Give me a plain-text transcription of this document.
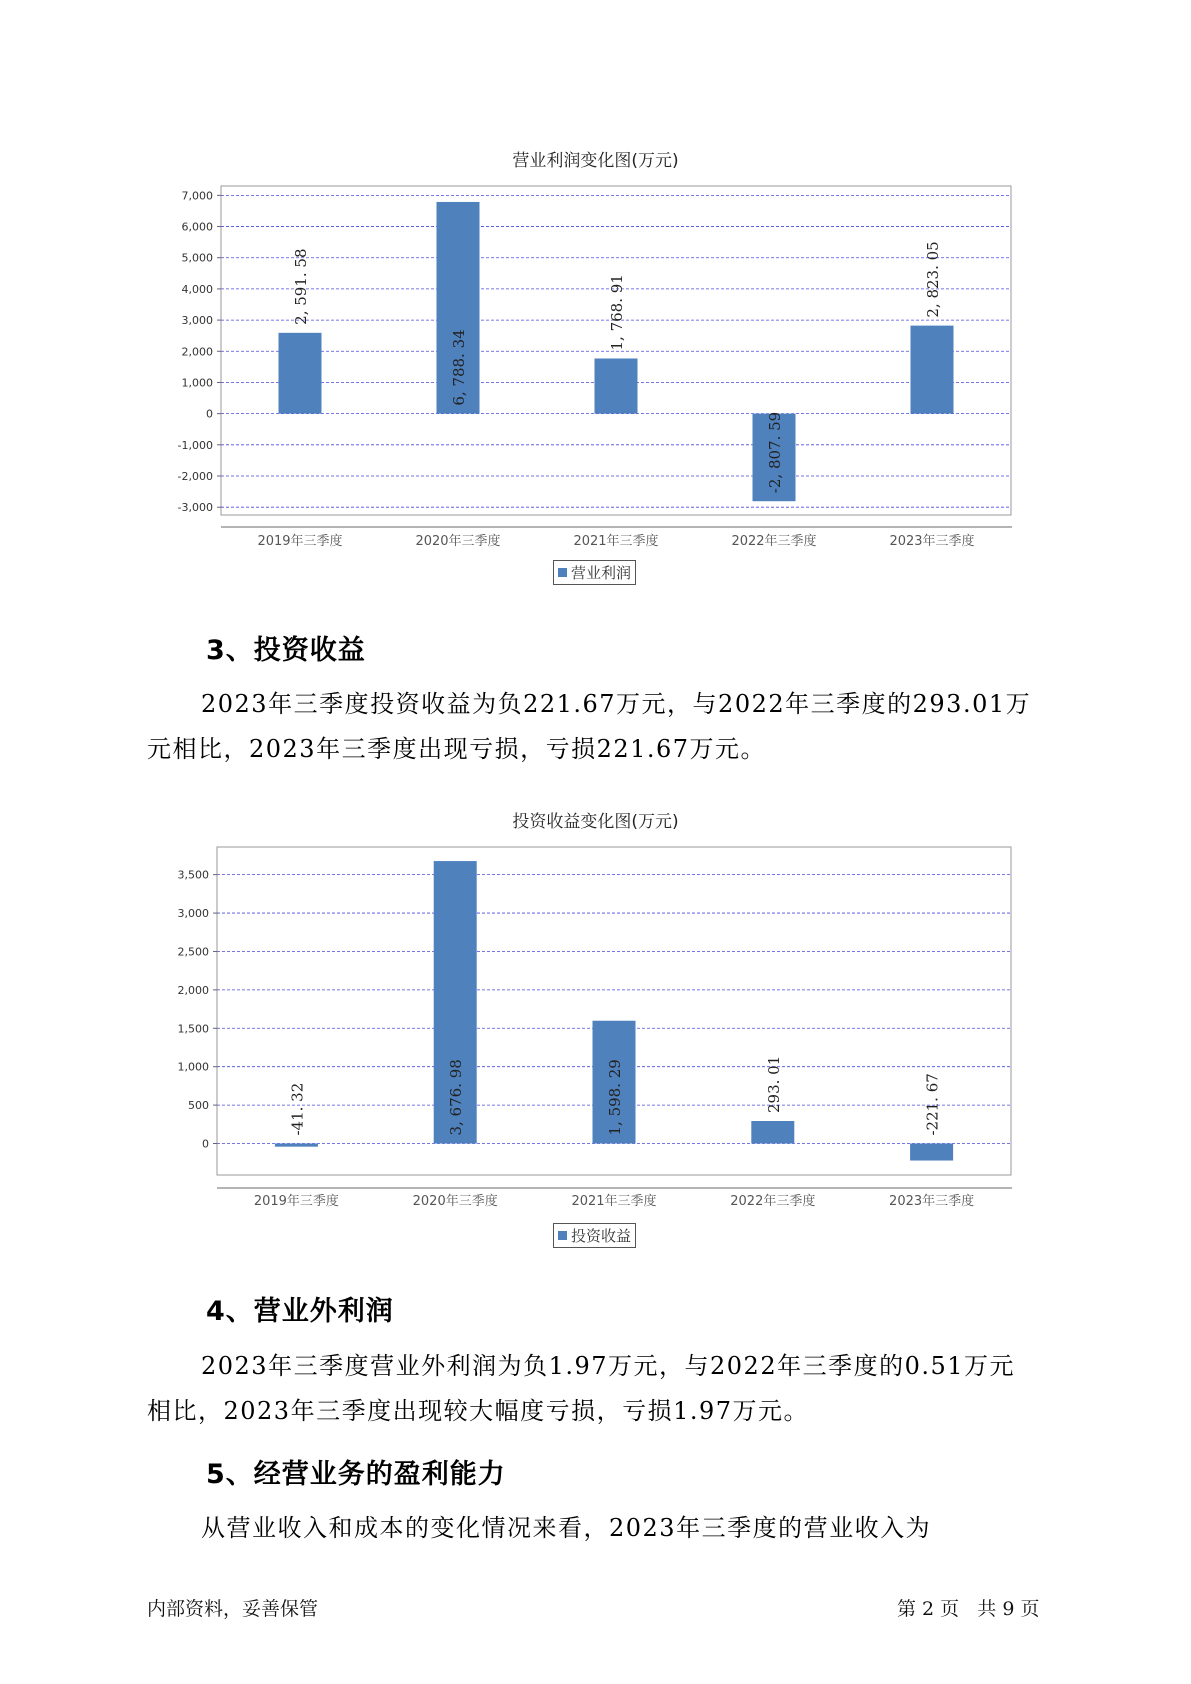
营业利润变化图(万元)
7,000
6,000
5,000
4,000
3,000
2,000
1,000
0
-1,000
-2,000
-3,000
2019年三季度
2, 591. 58
2020年三季度
6, 788. 34
2021年三季度
1, 768. 91
2022年三季度
-2, 807. 59
2023年三季度
2, 823. 05
营业利润
3、投资收益

2023年三季度投资收益为负221.67万元，与2022年三季度的293.01万
元相比，2023年三季度出现亏损，亏损221.67万元。

投资收益变化图(万元)
3,500
3,000
2,500
2,000
1,500
1,000
500
0
2019年三季度
-41. 32
2020年三季度
3, 676. 98
2021年三季度
1, 598. 29
2022年三季度
293. 01
2023年三季度
-221. 67
投资收益
4、营业外利润

2023年三季度营业外利润为负1.97万元，与2022年三季度的0.51万元
相比，2023年三季度出现较大幅度亏损，亏损1.97万元。

5、经营业务的盈利能力

从营业收入和成本的变化情况来看，2023年三季度的营业收入为

内部资料，妥善保管	第 2 页   共 9 页
